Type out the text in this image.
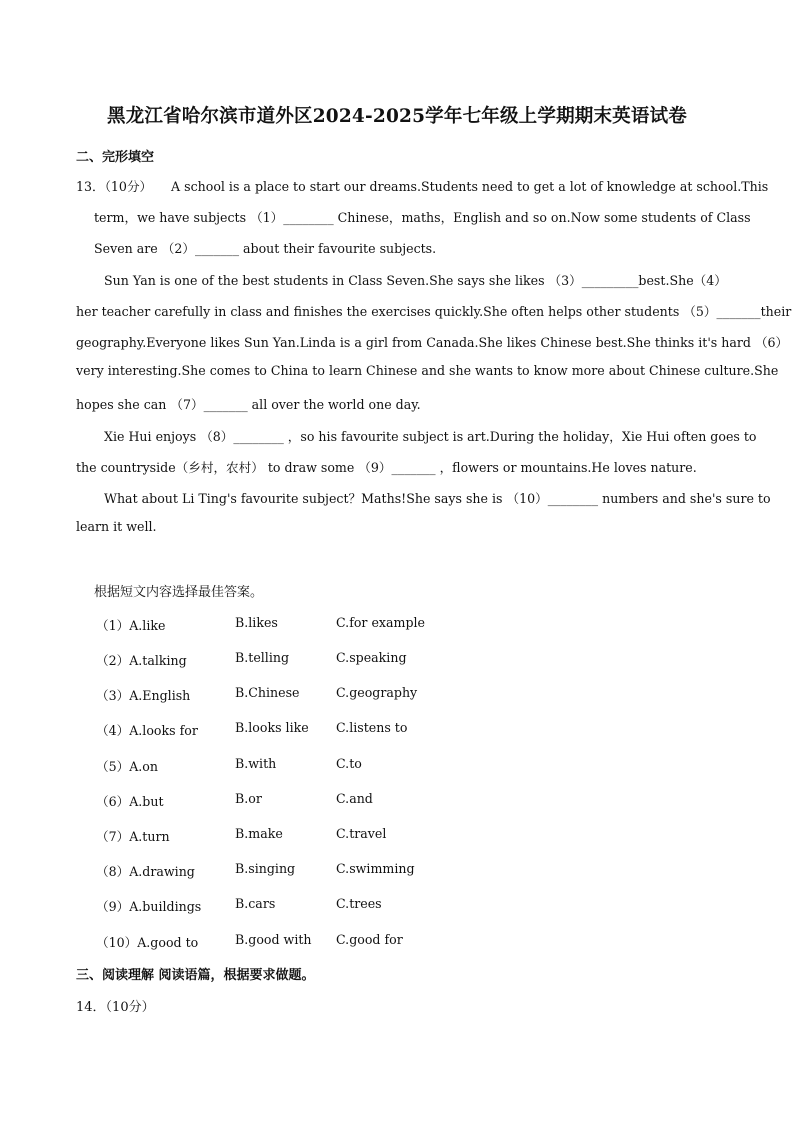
黑龙江省哈尔滨市道外区2024-2025学年七年级上学期期末英语试卷
二、完形填空
13．（10分）　　A school is a place to start our dreams.Students need to get a lot of knowledge at school.This
term，we have subjects （1）________ Chinese，maths，English and so on.Now some students of Class
Seven are （2）_______ about their favourite subjects.
Sun Yan is one of the best students in Class Seven.She says she likes （3）_________best.She（4）
her teacher carefully in class and finishes the exercises quickly.She often helps other students （5）_______their
geography.Everyone likes Sun Yan.Linda is a girl from Canada.She likes Chinese best.She thinks it's hard （6）
very interesting.She comes to China to learn Chinese and she wants to know more about Chinese culture.She
hopes she can （7）_______ all over the world one day.
Xie Hui enjoys （8）________ ，so his favourite subject is art.During the holiday，Xie Hui often goes to
the countryside（乡村，农村） to draw some （9）_______ ，flowers or mountains.He loves nature.
What about Li Ting's favourite subject？Maths!She says she is （10）________ numbers and she's sure to
learn it well.
根据短文内容选择最佳答案。
（1）A.like	B.likes	C.for example
（2）A.talking	B.telling	C.speaking
（3）A.English	B.Chinese	C.geography
（4）A.looks for	B.looks like C.listens to
（5）A.on	B.with	C.to
（6）A.but	B.or	C.and
（7）A.turn	B.make	C.travel
（8）A.drawing	B.singing	C.swimming
（9）A.buildings	B.cars	C.trees
（10）A.good to	B.good with C.good for
三、阅读理解 阅读语篇，根据要求做题。
14．（10分）
